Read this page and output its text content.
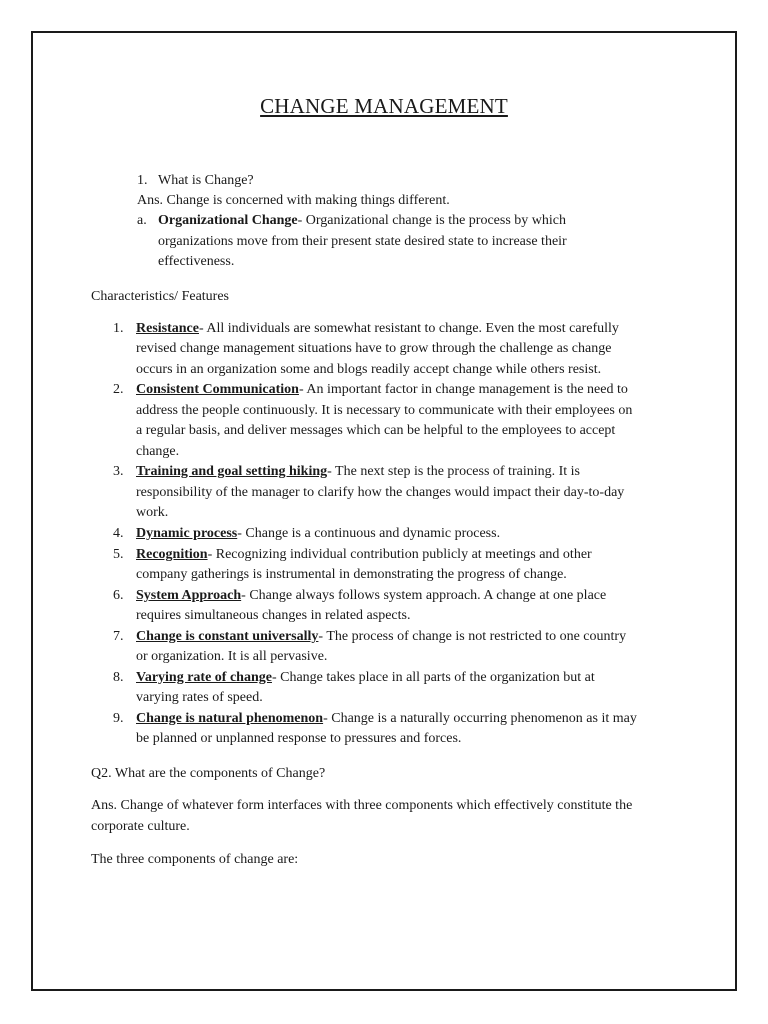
CHANGE MANAGEMENT
1. What is Change?
Ans. Change is concerned with making things different.
a. Organizational Change- Organizational change is the process by which
organizations move from their present state desired state to increase their
effectiveness.
Characteristics/ Features
1. Resistance- All individuals are somewhat resistant to change. Even the most carefully
revised change management situations have to grow through the challenge as change
occurs in an organization some and blogs readily accept change while others resist.
2. Consistent Communication- An important factor in change management is the need to
address the people continuously. It is necessary to communicate with their employees on
a regular basis, and deliver messages which can be helpful to the employees to accept
change.
3. Training and goal setting hiking- The next step is the process of training. It is
responsibility of the manager to clarify how the changes would impact their day-to-day
work.
4. Dynamic process- Change is a continuous and dynamic process.
5. Recognition- Recognizing individual contribution publicly at meetings and other
company gatherings is instrumental in demonstrating the progress of change.
6. System Approach- Change always follows system approach. A change at one place
requires simultaneous changes in related aspects.
7. Change is constant universally- The process of change is not restricted to one country
or organization. It is all pervasive.
8. Varying rate of change- Change takes place in all parts of the organization but at
varying rates of speed.
9. Change is natural phenomenon- Change is a naturally occurring phenomenon as it may
be planned or unplanned response to pressures and forces.
Q2. What are the components of Change?
Ans. Change of whatever form interfaces with three components which effectively constitute the
corporate culture.
The three components of change are:
